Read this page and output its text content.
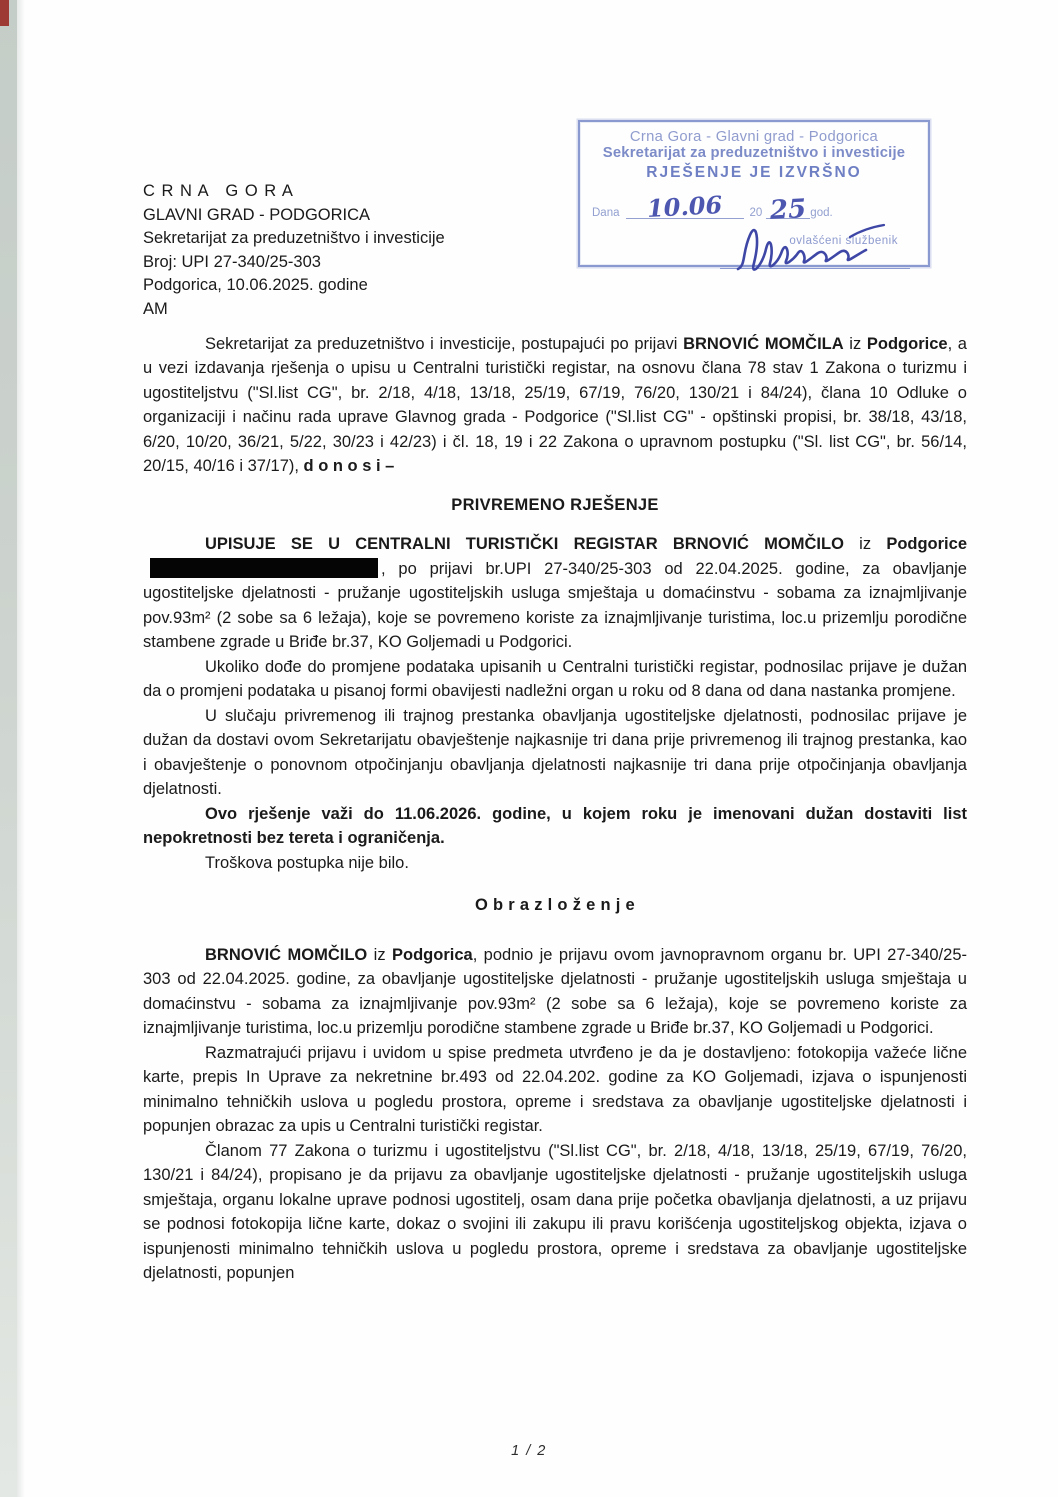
Crna Gora - Glavni grad - Podgorica
Sekretarijat za preduzetništvo i investicije
RJEŠENJE JE IZVRŠNO
Dana	10.06	20 25 god.
ovlašćeni službenik
C R N A   G O R A
GLAVNI GRAD - PODGORICA
Sekretarijat za preduzetništvo i investicije
Broj: UPI 27-340/25-303
Podgorica, 10.06.2025. godine
AM

Sekretarijat za preduzetništvo i investicije, postupajući po prijavi BRNOVIĆ MOMČILA iz Podgorice, a u vezi izdavanja rješenja o upisu u Centralni turistički registar, na osnovu člana 78 stav 1 Zakona o turizmu i ugostiteljstvu ("Sl.list CG", br. 2/18, 4/18, 13/18, 25/19, 67/19, 76/20, 130/21 i 84/24), člana 10 Odluke o organizaciji i načinu rada uprave Glavnog grada - Podgorice ("Sl.list CG" - opštinski propisi, br. 38/18, 43/18, 6/20, 10/20, 36/21, 5/22, 30/23 i 42/23) i čl. 18, 19 i 22 Zakona o upravnom postupku ("Sl. list CG", br. 56/14, 20/15, 40/16 i 37/17), d o n o s i –

PRIVREMENO RJEŠENJE

UPISUJE SE U CENTRALNI TURISTIČKI REGISTAR BRNOVIĆ MOMČILO iz Podgorice, po prijavi br.UPI 27-340/25-303 od 22.04.2025. godine, za obavljanje ugostiteljske djelatnosti - pružanje ugostiteljskih usluga smještaja u domaćinstvu - sobama za iznajmljivanje pov.93m² (2 sobe sa 6 ležaja), koje se povremeno koriste za iznajmljivanje turistima, loc.u prizemlju porodične stambene zgrade u Briđe br.37, KO Goljemadi u Podgorici.

Ukoliko dođe do promjene podataka upisanih u Centralni turistički registar, podnosilac prijave je dužan da o promjeni podataka u pisanoj formi obavijesti nadležni organ u roku od 8 dana od dana nastanka promjene.

U slučaju privremenog ili trajnog prestanka obavljanja ugostiteljske djelatnosti, podnosilac prijave je dužan da dostavi ovom Sekretarijatu obavještenje najkasnije tri dana prije privremenog ili trajnog prestanka, kao i obavještenje o ponovnom otpočinjanju obavljanja djelatnosti najkasnije tri dana prije otpočinjanja obavljanja djelatnosti.

Ovo rješenje važi do 11.06.2026. godine, u kojem roku je imenovani dužan dostaviti list nepokretnosti bez tereta i ograničenja.

Troškova postupka nije bilo.

O b r a z l o ž e n j e

BRNOVIĆ MOMČILO iz Podgorica, podnio je prijavu ovom javnopravnom organu br. UPI 27-340/25-303 od 22.04.2025. godine, za obavljanje ugostiteljske djelatnosti - pružanje ugostiteljskih usluga smještaja u domaćinstvu - sobama za iznajmljivanje pov.93m² (2 sobe sa 6 ležaja), koje se povremeno koriste za iznajmljivanje turistima, loc.u prizemlju porodične stambene zgrade u Briđe br.37, KO Goljemadi u Podgorici.

Razmatrajući prijavu i uvidom u spise predmeta utvrđeno je da je dostavljeno: fotokopija važeće lične karte, prepis In Uprave za nekretnine br.493 od 22.04.202. godine za KO Goljemadi, izjava o ispunjenosti minimalno tehničkih uslova u pogledu prostora, opreme i sredstava za obavljanje ugostiteljske djelatnosti i popunjen obrazac za upis u Centralni turistički registar.

Članom 77 Zakona o turizmu i ugostiteljstvu ("Sl.list CG", br. 2/18, 4/18, 13/18, 25/19, 67/19, 76/20, 130/21 i 84/24), propisano je da prijavu za obavljanje ugostiteljske djelatnosti - pružanje ugostiteljskih usluga smještaja, organu lokalne uprave podnosi ugostitelj, osam dana prije početka obavljanja djelatnosti, a uz prijavu se podnosi fotokopija lične karte, dokaz o svojini ili zakupu ili pravu korišćenja ugostiteljskog objekta, izjava o ispunjenosti minimalno tehničkih uslova u pogledu prostora, opreme i sredstava za obavljanje ugostiteljske djelatnosti, popunjen

1 / 2
